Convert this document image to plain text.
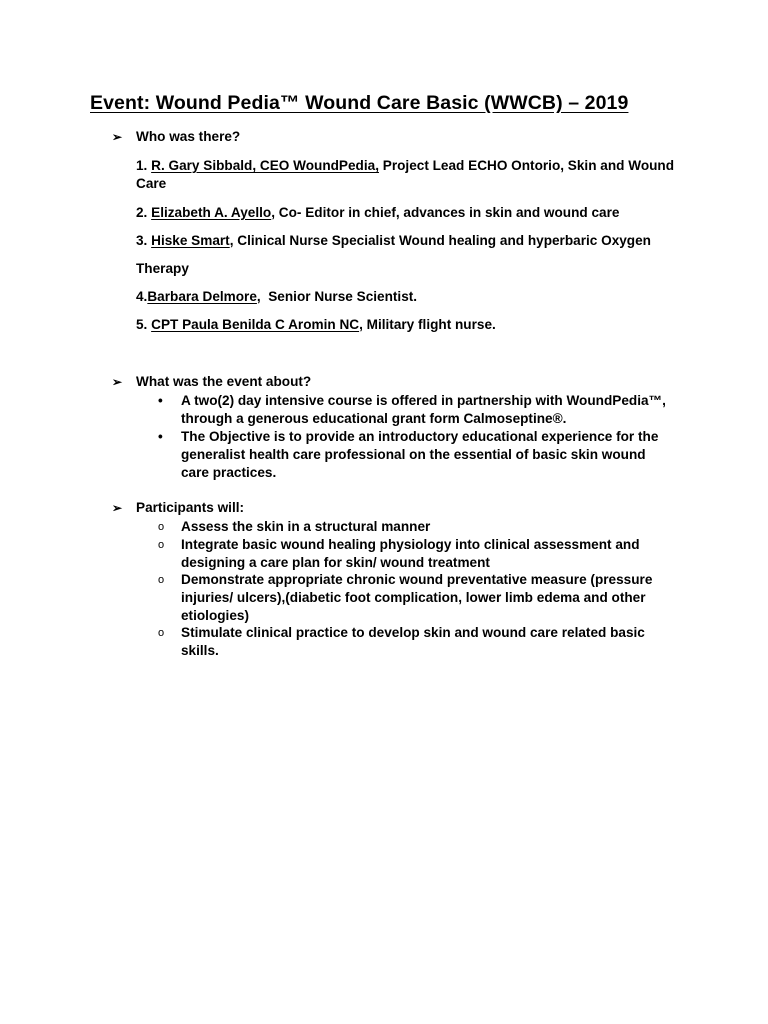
Event: Wound Pedia™ Wound Care Basic (WWCB) – 2019
➢ Who was there?
1. R. Gary Sibbald, CEO WoundPedia, Project Lead ECHO Ontorio, Skin and Wound Care
2. Elizabeth A. Ayello, Co- Editor in chief, advances in skin and wound care
3. Hiske Smart, Clinical Nurse Specialist Wound healing and hyperbaric Oxygen
Therapy
4.Barbara Delmore,  Senior Nurse Scientist.
5. CPT Paula Benilda C Aromin NC, Military flight nurse.
➢ What was the event about?
•	A two(2) day intensive course is offered in partnership with WoundPedia™, through a generous educational grant form Calmoseptine®.
•	The Objective is to provide an introductory educational experience for the generalist health care professional on the essential of basic skin wound care practices.
➢ Participants will:
o	Assess the skin in a structural manner
o	Integrate basic wound healing physiology into clinical assessment and designing a care plan for skin/ wound treatment
o	Demonstrate appropriate chronic wound preventative measure (pressure injuries/ ulcers),(diabetic foot complication, lower limb edema and other etiologies)
o	Stimulate clinical practice to develop skin and wound care related basic skills.
